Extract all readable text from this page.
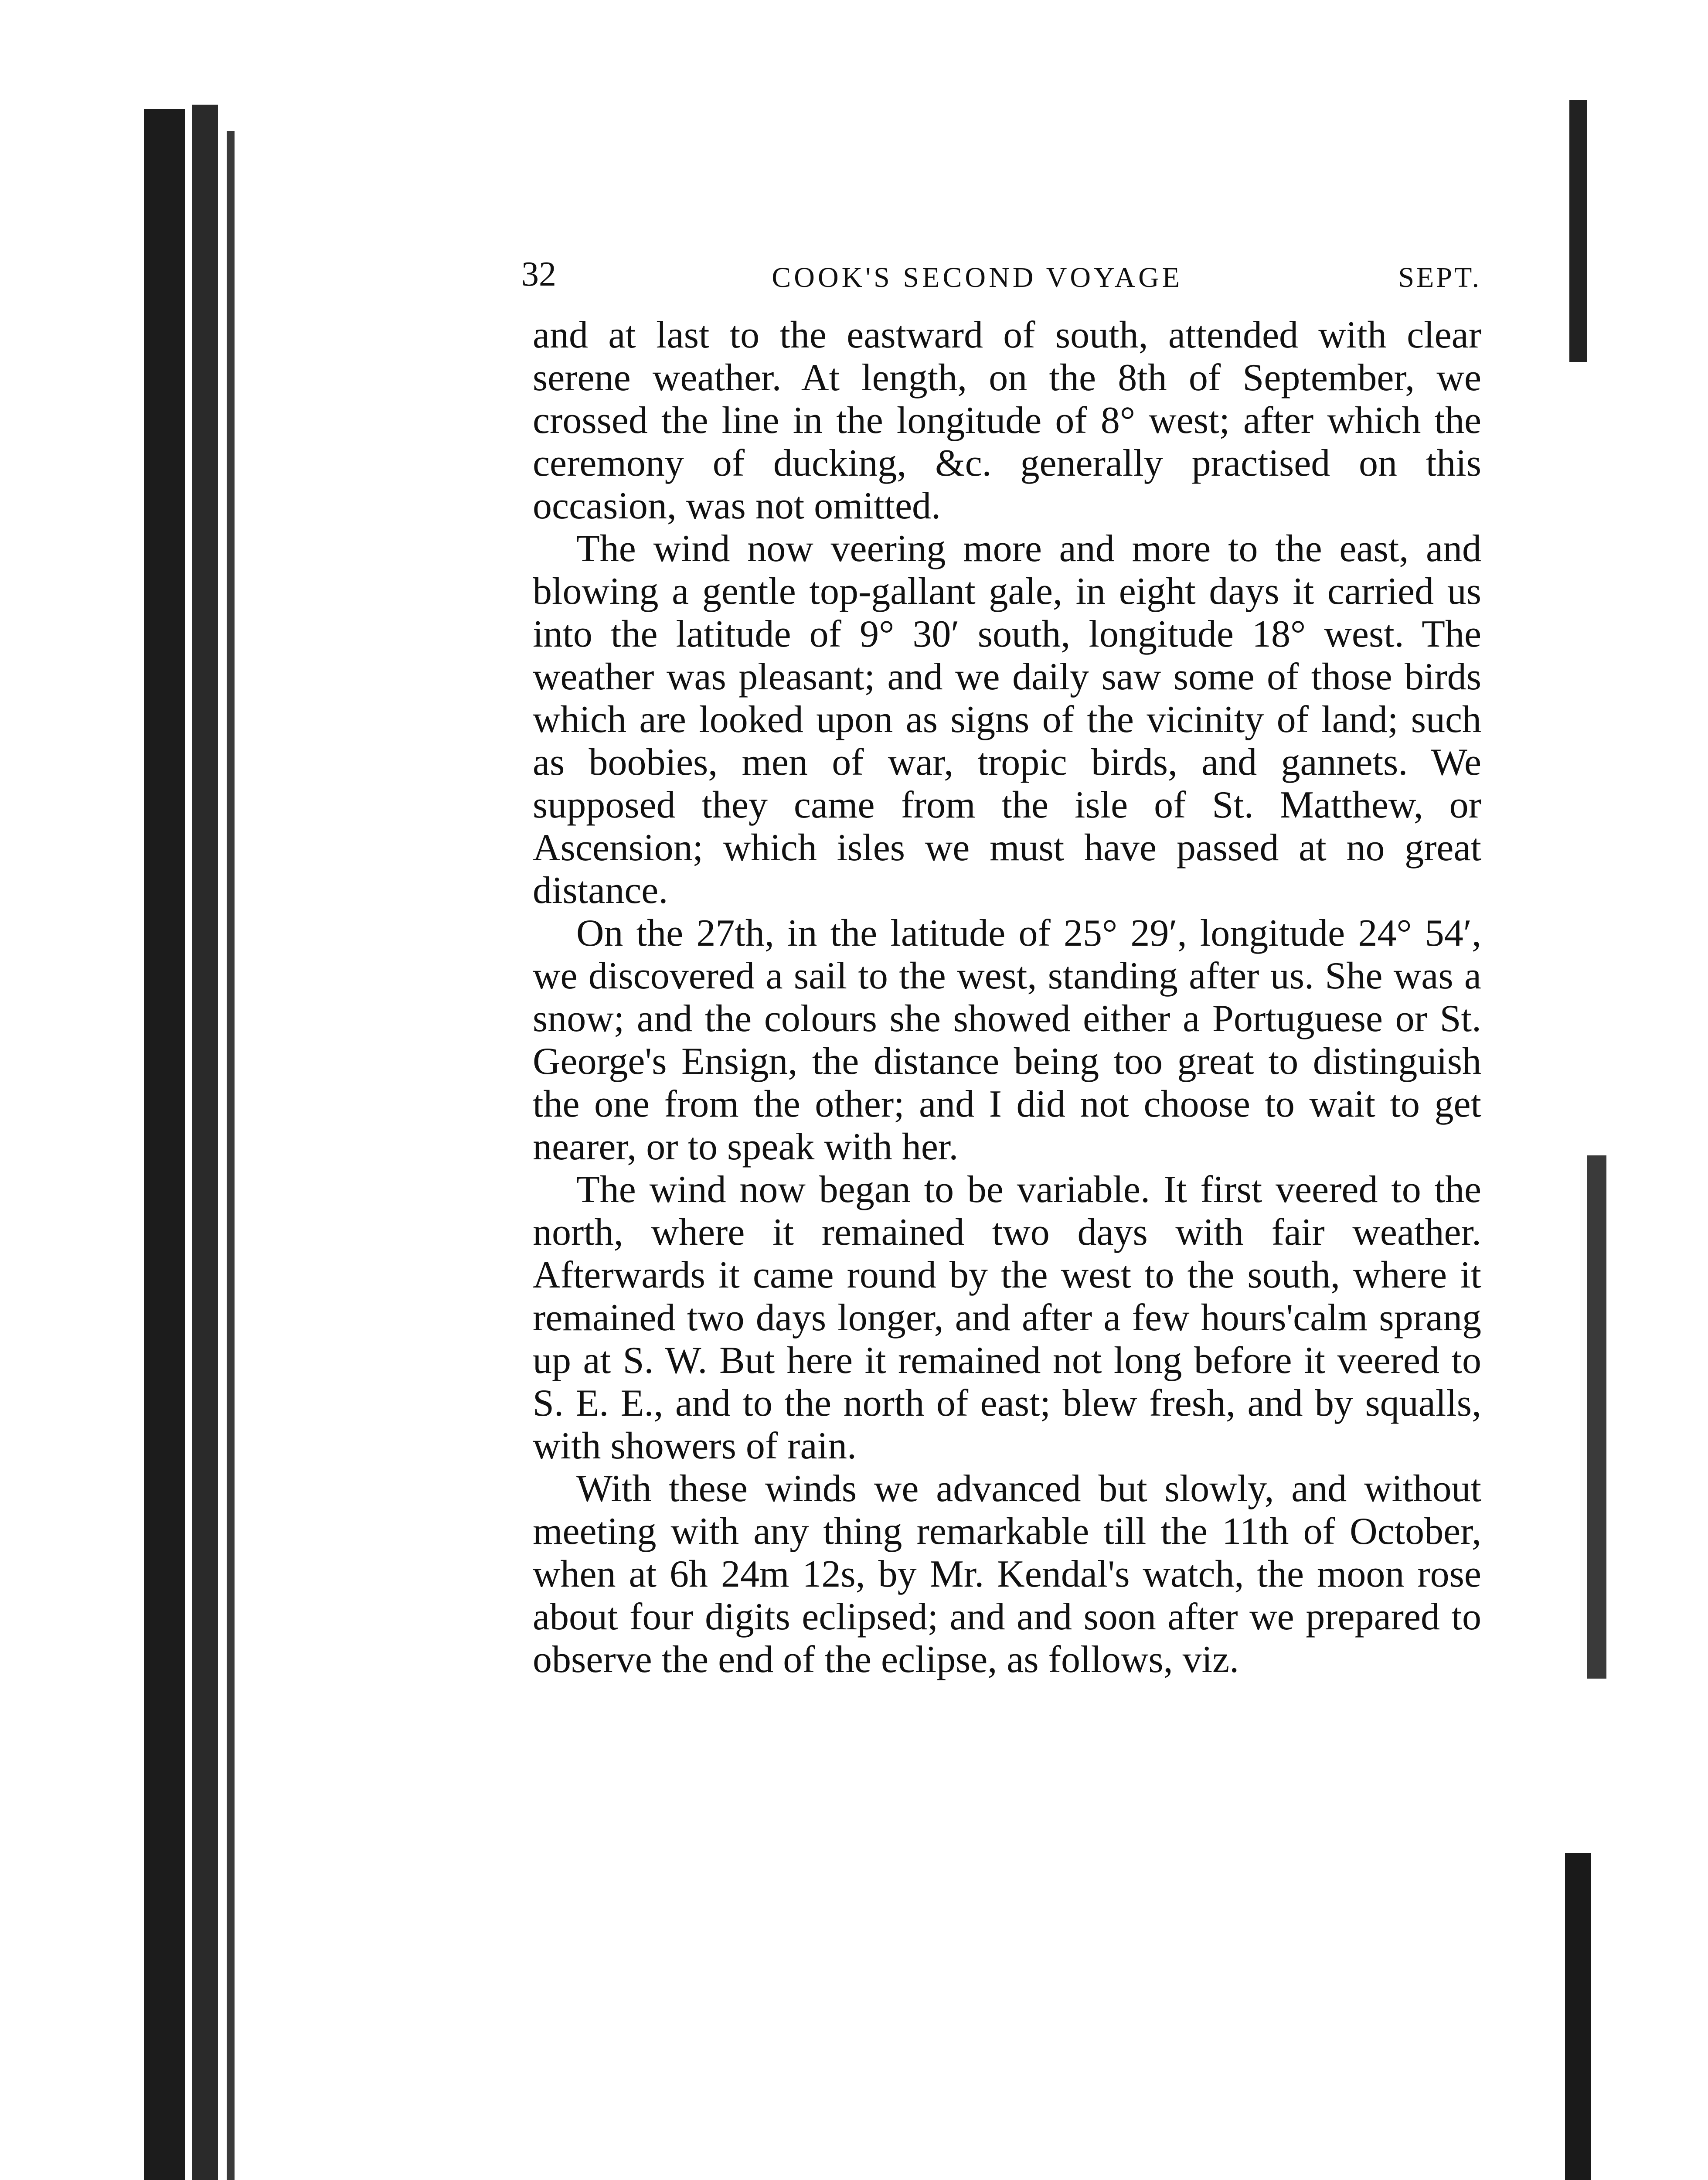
32	COOK'S SECOND VOYAGE	SEPT.

and at last to the eastward of south, attended with clear serene weather. At length, on the 8th of September, we crossed the line in the longitude of 8° west; after which the ceremony of ducking, &c. generally practised on this occasion, was not omitted.

The wind now veering more and more to the east, and blowing a gentle top-gallant gale, in eight days it carried us into the latitude of 9° 30′ south, longitude 18° west. The weather was pleasant; and we daily saw some of those birds which are looked upon as signs of the vicinity of land; such as boobies, men of war, tropic birds, and gannets. We supposed they came from the isle of St. Matthew, or Ascension; which isles we must have passed at no great distance.

On the 27th, in the latitude of 25° 29′, longitude 24° 54′, we discovered a sail to the west, standing after us. She was a snow; and the colours she showed either a Portuguese or St. George's Ensign, the distance being too great to distinguish the one from the other; and I did not choose to wait to get nearer, or to speak with her.

The wind now began to be variable. It first veered to the north, where it remained two days with fair weather. Afterwards it came round by the west to the south, where it remained two days longer, and after a few hours'calm sprang up at S. W. But here it remained not long before it veered to S. E. E., and to the north of east; blew fresh, and by squalls, with showers of rain.

With these winds we advanced but slowly, and without meeting with any thing remarkable till the 11th of October, when at 6h 24m 12s, by Mr. Kendal's watch, the moon rose about four digits eclipsed; and and soon after we prepared to observe the end of the eclipse, as follows, viz.
